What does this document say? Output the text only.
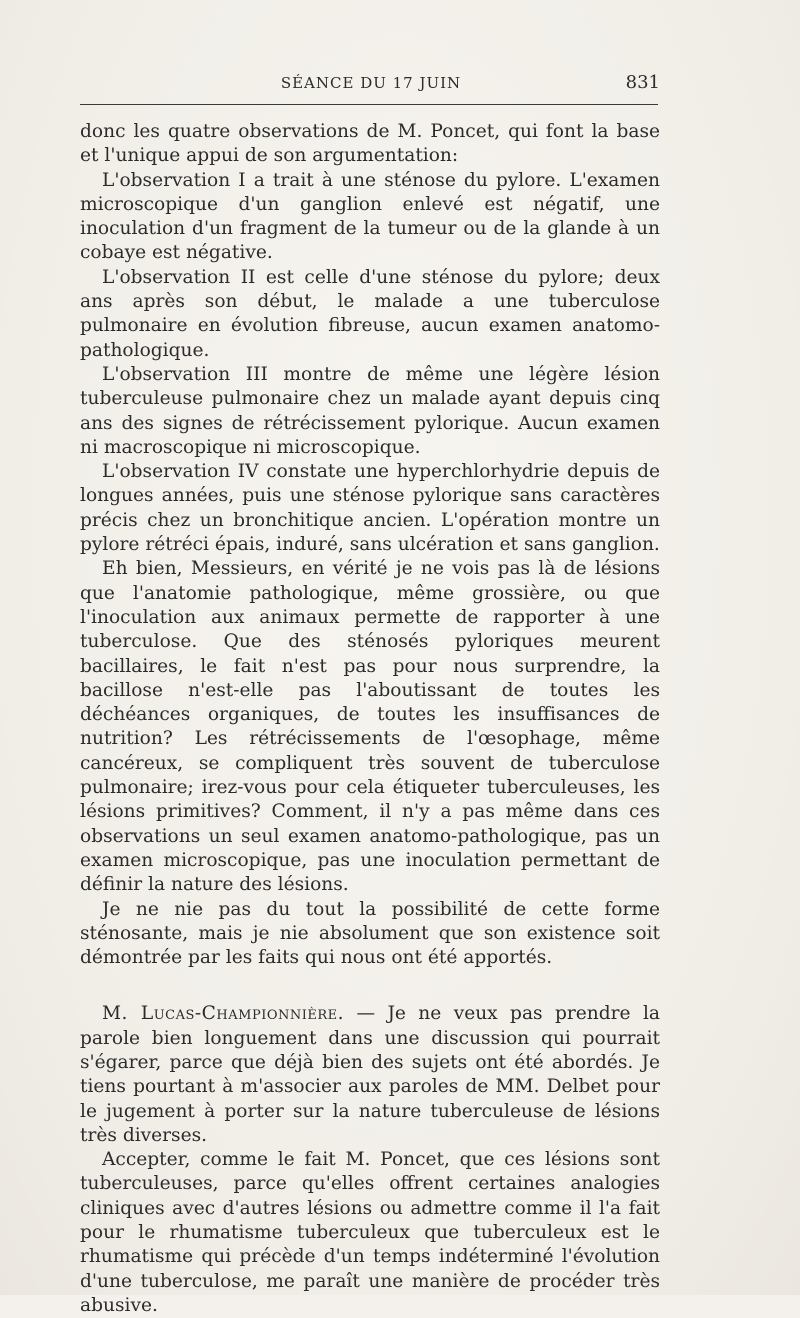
SÉANCE DU 17 JUIN	831

donc les quatre observations de M. Poncet, qui font la base et l'unique appui de son argumentation:

L'observation I a trait à une sténose du pylore. L'examen microscopique d'un ganglion enlevé est négatif, une inoculation d'un fragment de la tumeur ou de la glande à un cobaye est négative.

L'observation II est celle d'une sténose du pylore; deux ans après son début, le malade a une tuberculose pulmonaire en évolution fibreuse, aucun examen anatomo-pathologique.

L'observation III montre de même une légère lésion tuberculeuse pulmonaire chez un malade ayant depuis cinq ans des signes de rétrécissement pylorique. Aucun examen ni macroscopique ni microscopique.

L'observation IV constate une hyperchlorhydrie depuis de longues années, puis une sténose pylorique sans caractères précis chez un bronchitique ancien. L'opération montre un pylore rétréci épais, induré, sans ulcération et sans ganglion.

Eh bien, Messieurs, en vérité je ne vois pas là de lésions que l'anatomie pathologique, même grossière, ou que l'inoculation aux animaux permette de rapporter à une tuberculose. Que des sténosés pyloriques meurent bacillaires, le fait n'est pas pour nous surprendre, la bacillose n'est-elle pas l'aboutissant de toutes les déchéances organiques, de toutes les insuffisances de nutrition? Les rétrécissements de l'œsophage, même cancéreux, se compliquent très souvent de tuberculose pulmonaire; irez-vous pour cela étiqueter tuberculeuses, les lésions primitives? Comment, il n'y a pas même dans ces observations un seul examen anatomo-pathologique, pas un examen microscopique, pas une inoculation permettant de définir la nature des lésions.

Je ne nie pas du tout la possibilité de cette forme sténosante, mais je nie absolument que son existence soit démontrée par les faits qui nous ont été apportés.

M. Lucas-Championnière. — Je ne veux pas prendre la parole bien longuement dans une discussion qui pourrait s'égarer, parce que déjà bien des sujets ont été abordés. Je tiens pourtant à m'associer aux paroles de MM. Delbet pour le jugement à porter sur la nature tuberculeuse de lésions très diverses.

Accepter, comme le fait M. Poncet, que ces lésions sont tuberculeuses, parce qu'elles offrent certaines analogies cliniques avec d'autres lésions ou admettre comme il l'a fait pour le rhumatisme tuberculeux que tuberculeux est le rhumatisme qui précède d'un temps indéterminé l'évolution d'une tuberculose, me paraît une manière de procéder très abusive.
